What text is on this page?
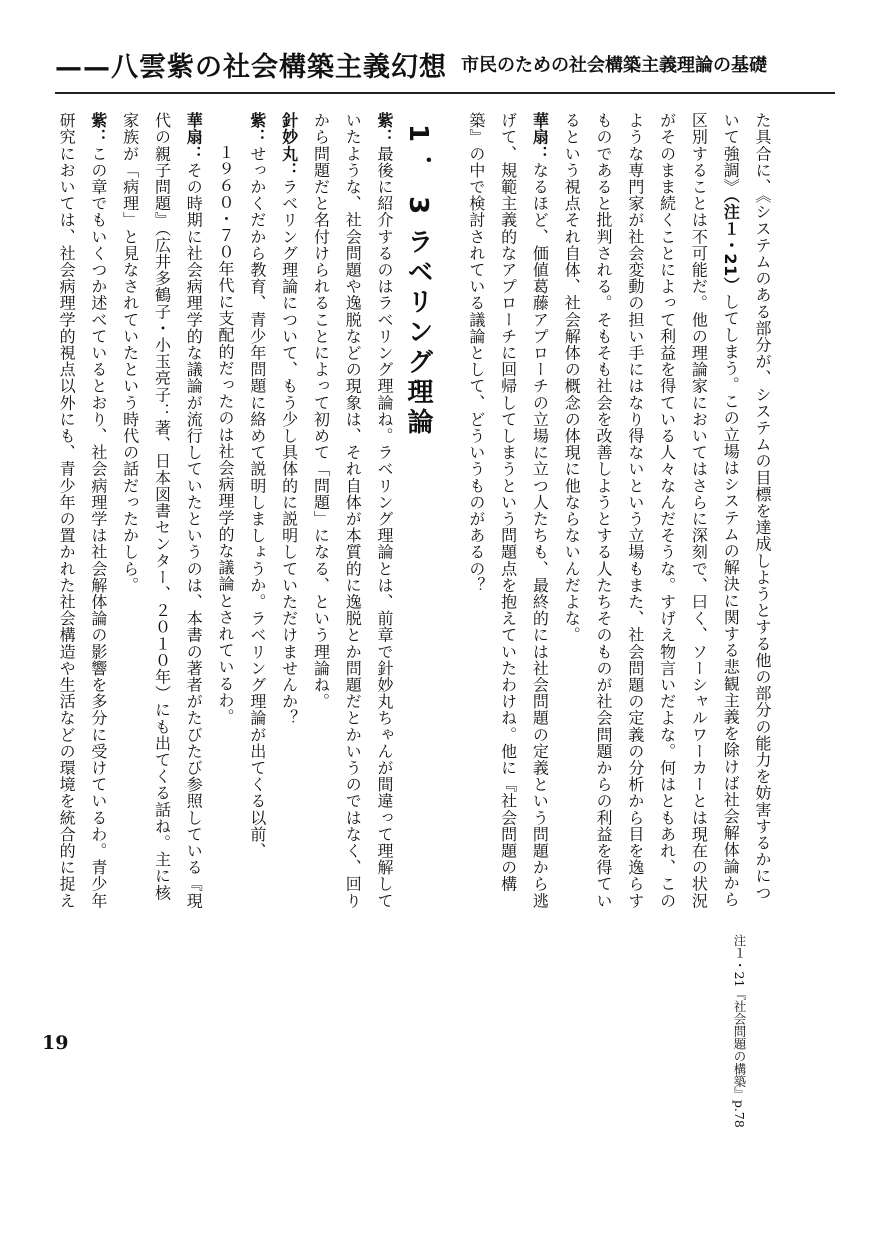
——八雲紫の社会構築主義幻想 市民のための社会構築主義理論の基礎

た具合に、《システムのある部分が、システムの目標を達成しようとする他の部分の能力を妨害するかについて強調》（注１・21）してしまう。この立場はシステムの解決に関する悲観主義を除けば社会解体論から区別することは不可能だ。他の理論家においてはさらに深刻で、曰く、ソーシャルワーカーとは現在の状況がそのまま続くことによって利益を得ている人々なんだそうな。すげえ物言いだよな。何はともあれ、このような専門家が社会変動の担い手にはなり得ないという立場もまた、社会問題の定義の分析から目を逸らすものであると批判される。そもそも社会を改善しようとする人たちそのものが社会問題からの利益を得ているという視点それ自体、社会解体の概念の体現に他ならないんだよな。

華扇：なるほど、価値葛藤アプローチの立場に立つ人たちも、最終的には社会問題の定義という問題から逃げて、規範主義的なアプローチに回帰してしまうという問題点を抱えていたわけね。他に『社会問題の構築』の中で検討されている議論として、どういうものがあるの？

1．3ラベリング理論

紫：最後に紹介するのはラベリング理論ね。ラベリング理論とは、前章で針妙丸ちゃんが間違って理解していたような、社会問題や逸脱などの現象は、それ自体が本質的に逸脱とか問題だとかいうのではなく、回りから問題だと名付けられることによって初めて「問題」になる、という理論ね。

針妙丸：ラベリング理論について、もう少し具体的に説明していただけませんか？

紫：せっかくだから教育、青少年問題に絡めて説明しましょうか。ラベリング理論が出てくる以前、

１９６０・７０年代に支配的だったのは社会病理学的な議論とされているわ。

華扇：その時期に社会病理学的な議論が流行していたというのは、本書の著者がたびたび参照している『現代の親子問題』（広井多鶴子・小玉亮子：著、日本図書センター、２０１０年）にも出てくる話ね。主に核家族が「病理」と見なされていたという時代の話だったかしら。

紫：この章でもいくつか述べているとおり、社会病理学は社会解体論の影響を多分に受けているわ。青少年研究においては、社会病理学的視点以外にも、青少年の置かれた社会構造や生活などの環境を統合的に捉え

注１・21『社会問題の構築』p.78
19
